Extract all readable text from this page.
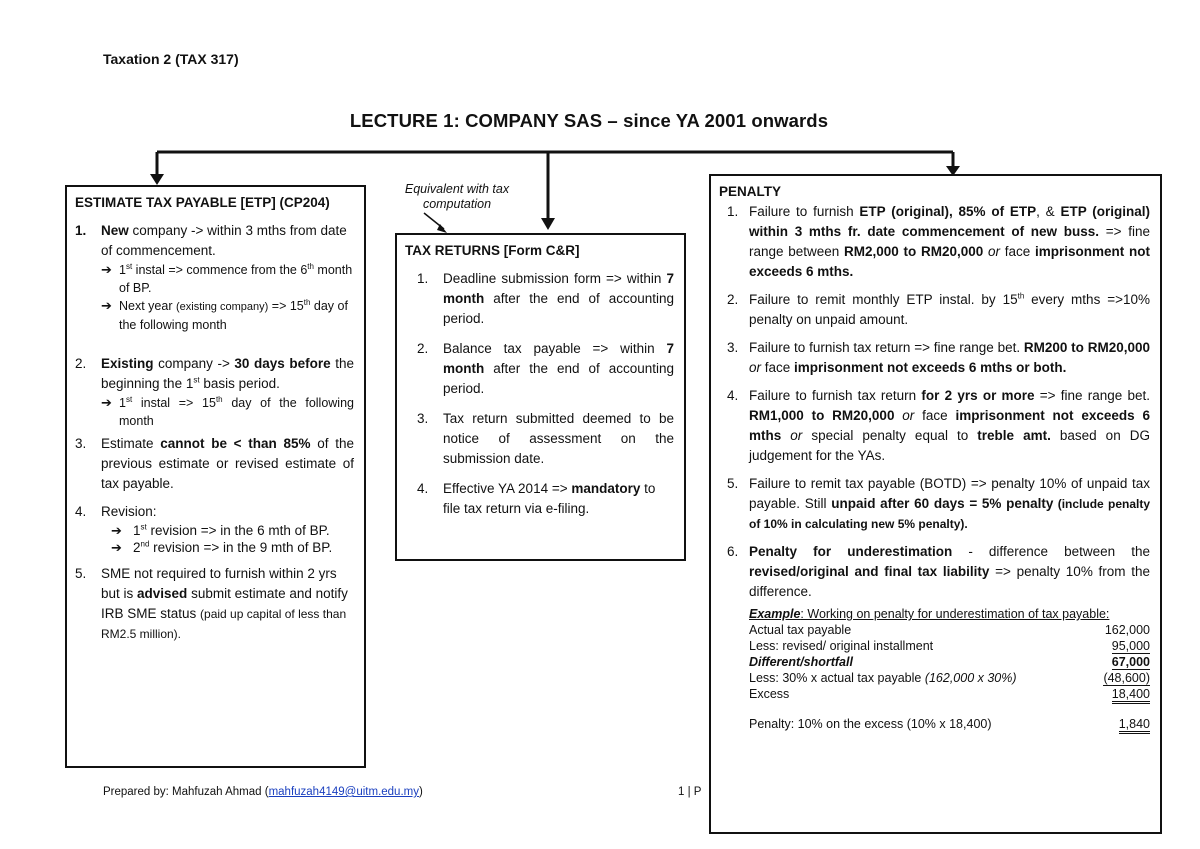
Taxation 2 (TAX 317)
LECTURE 1: COMPANY SAS – since YA 2001 onwards
Equivalent with tax computation
ESTIMATE TAX PAYABLE [ETP] (CP204)
1. New company -> within 3 mths from date of commencement.
➔ 1st instal => commence from the 6th month of BP.
➔ Next year (existing company) => 15th day of the following month
2. Existing company -> 30 days before the beginning the 1st basis period.
➔ 1st instal => 15th day of the following month
3. Estimate cannot be < than 85% of the previous estimate or revised estimate of tax payable.
4. Revision:
➔ 1st revision => in the 6 mth of BP.
➔ 2nd revision => in the 9 mth of BP.
5. SME not required to furnish within 2 yrs but is advised submit estimate and notify IRB SME status (paid up capital of less than RM2.5 million).
TAX RETURNS [Form C&R]
1. Deadline submission form => within 7 month after the end of accounting period.
2. Balance tax payable => within 7 month after the end of accounting period.
3. Tax return submitted deemed to be notice of assessment on the submission date.
4. Effective YA 2014 => mandatory to file tax return via e-filing.
PENALTY
1. Failure to furnish ETP (original), 85% of ETP, & ETP (original) within 3 mths fr. date commencement of new buss. => fine range between RM2,000 to RM20,000 or face imprisonment not exceeds 6 mths.
2. Failure to remit monthly ETP instal. by 15th every mths =>10% penalty on unpaid amount.
3. Failure to furnish tax return => fine range bet. RM200 to RM20,000 or face imprisonment not exceeds 6 mths or both.
4. Failure to furnish tax return for 2 yrs or more => fine range bet. RM1,000 to RM20,000 or face imprisonment not exceeds 6 mths or special penalty equal to treble amt. based on DG judgement for the YAs.
5. Failure to remit tax payable (BOTD) => penalty 10% of unpaid tax payable. Still unpaid after 60 days = 5% penalty (include penalty of 10% in calculating new 5% penalty).
6. Penalty for underestimation - difference between the revised/original and final tax liability => penalty 10% from the difference.
Example: Working on penalty for underestimation of tax payable:
Actual tax payable	162,000
Less: revised/ original installment	95,000
Different/shortfall	67,000
Less: 30% x actual tax payable (162,000 x 30%)	(48,600)
Excess	18,400
Penalty: 10% on the excess (10% x 18,400)	1,840
Prepared by: Mahfuzah Ahmad (mahfuzah4149@uitm.edu.my)	1 | P
